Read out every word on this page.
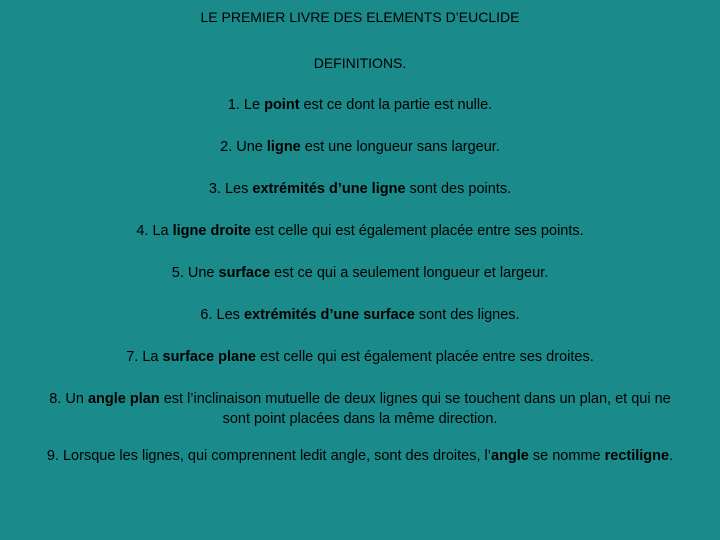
LE PREMIER LIVRE DES ELEMENTS D’EUCLIDE
DEFINITIONS.
1. Le point est ce dont la partie est nulle.
2. Une ligne est une longueur sans largeur.
3. Les extrémités d’une ligne sont des points.
4. La ligne droite est celle qui est également placée entre ses points.
5. Une surface est ce qui a seulement longueur et largeur.
6. Les extrémités d’une surface sont des lignes.
7. La surface plane est celle qui est également placée entre ses droites.
8. Un angle plan est l’inclinaison mutuelle de deux lignes qui se touchent dans un plan, et qui ne sont point placées dans la même direction.
9. Lorsque les lignes, qui comprennent ledit angle, sont des droites, l’angle se nomme rectiligne.
